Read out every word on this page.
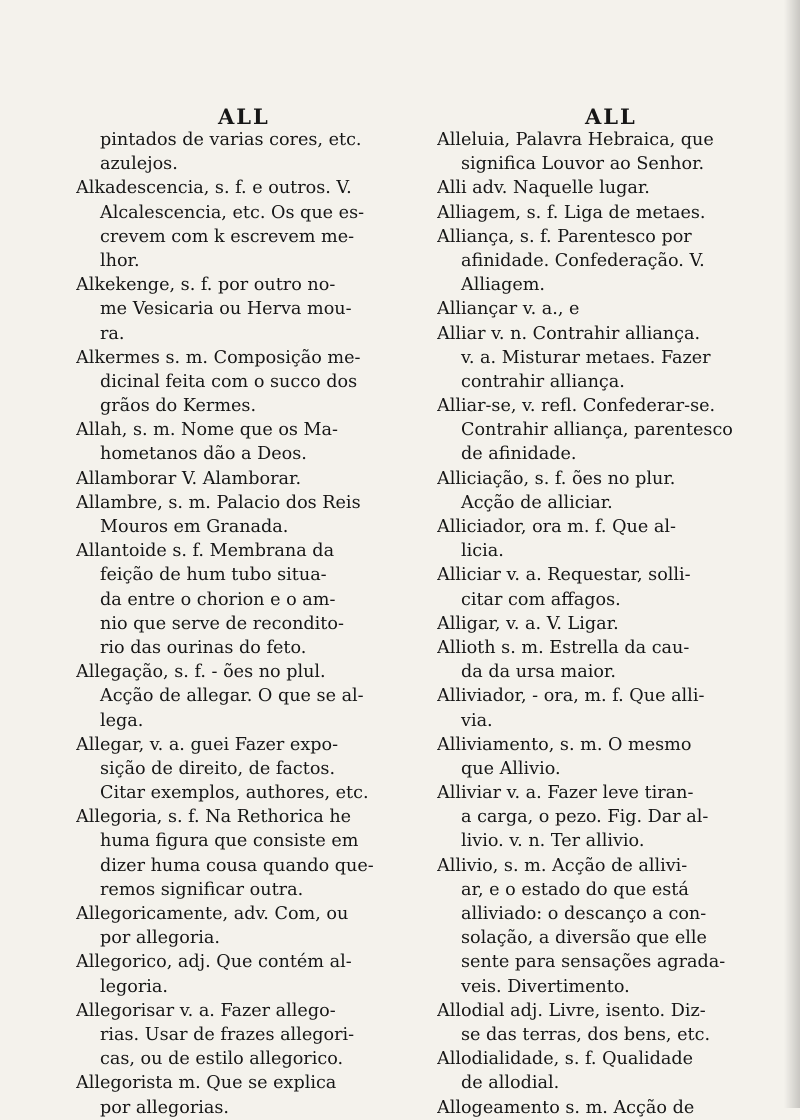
ALL	ALL
pintados de varias cores, etc.
azulejos.
Alkadescencia, s. f. e outros. V.
Alcalescencia, etc. Os que es-
crevem com k escrevem me-
lhor.
Alkekenge, s. f. por outro no-
me Vesicaria ou Herva mou-
ra.
Alkermes s. m. Composição me-
dicinal feita com o succo dos
grãos do Kermes.
Allah, s. m. Nome que os Ma-
hometanos dão a Deos.
Allamborar V. Alamborar.
Allambre, s. m. Palacio dos Reis
Mouros em Granada.
Allantoide s. f. Membrana da
feição de hum tubo situa-
da entre o chorion e o am-
nio que serve de recondito-
rio das ourinas do feto.
Allegação, s. f. - ões no plul.
Acção de allegar. O que se al-
lega.
Allegar, v. a. guei Fazer expo-
sição de direito, de factos.
Citar exemplos, authores, etc.
Allegoria, s. f. Na Rethorica he
huma figura que consiste em
dizer huma cousa quando que-
remos significar outra.
Allegoricamente, adv. Com, ou
por allegoria.
Allegorico, adj. Que contém al-
legoria.
Allegorisar v. a. Fazer allego-
rias. Usar de frazes allegori-
cas, ou de estilo allegorico.
Allegorista m. Que se explica
por allegorias.
Alleluia, Palavra Hebraica, que
significa Louvor ao Senhor.
Alli adv. Naquelle lugar.
Alliagem, s. f. Liga de metaes.
Alliança, s. f. Parentesco por
afinidade. Confederação. V.
Alliagem.
Alliançar v. a., e
Alliar v. n. Contrahir alliança.
v. a. Misturar metaes. Fazer
contrahir alliança.
Alliar-se, v. refl. Confederar-se.
Contrahir alliança, parentesco
de afinidade.
Alliciação, s. f. ões no plur.
Acção de alliciar.
Alliciador, ora m. f. Que al-
licia.
Alliciar v. a. Requestar, solli-
citar com affagos.
Alligar, v. a. V. Ligar.
Allioth s. m. Estrella da cau-
da da ursa maior.
Alliviador, - ora, m. f. Que alli-
via.
Alliviamento, s. m. O mesmo
que Allivio.
Alliviar v. a. Fazer leve tiran-
a carga, o pezo. Fig. Dar al-
livio. v. n. Ter allivio.
Allivio, s. m. Acção de allivi-
ar, e o estado do que está
alliviado: o descanço a con-
solação, a diversão que elle
sente para sensações agrada-
veis. Divertimento.
Allodial adj. Livre, isento. Diz-
se das terras, dos bens, etc.
Allodialidade, s. f. Qualidade
de allodial.
Allogeamento s. m. Acção de
